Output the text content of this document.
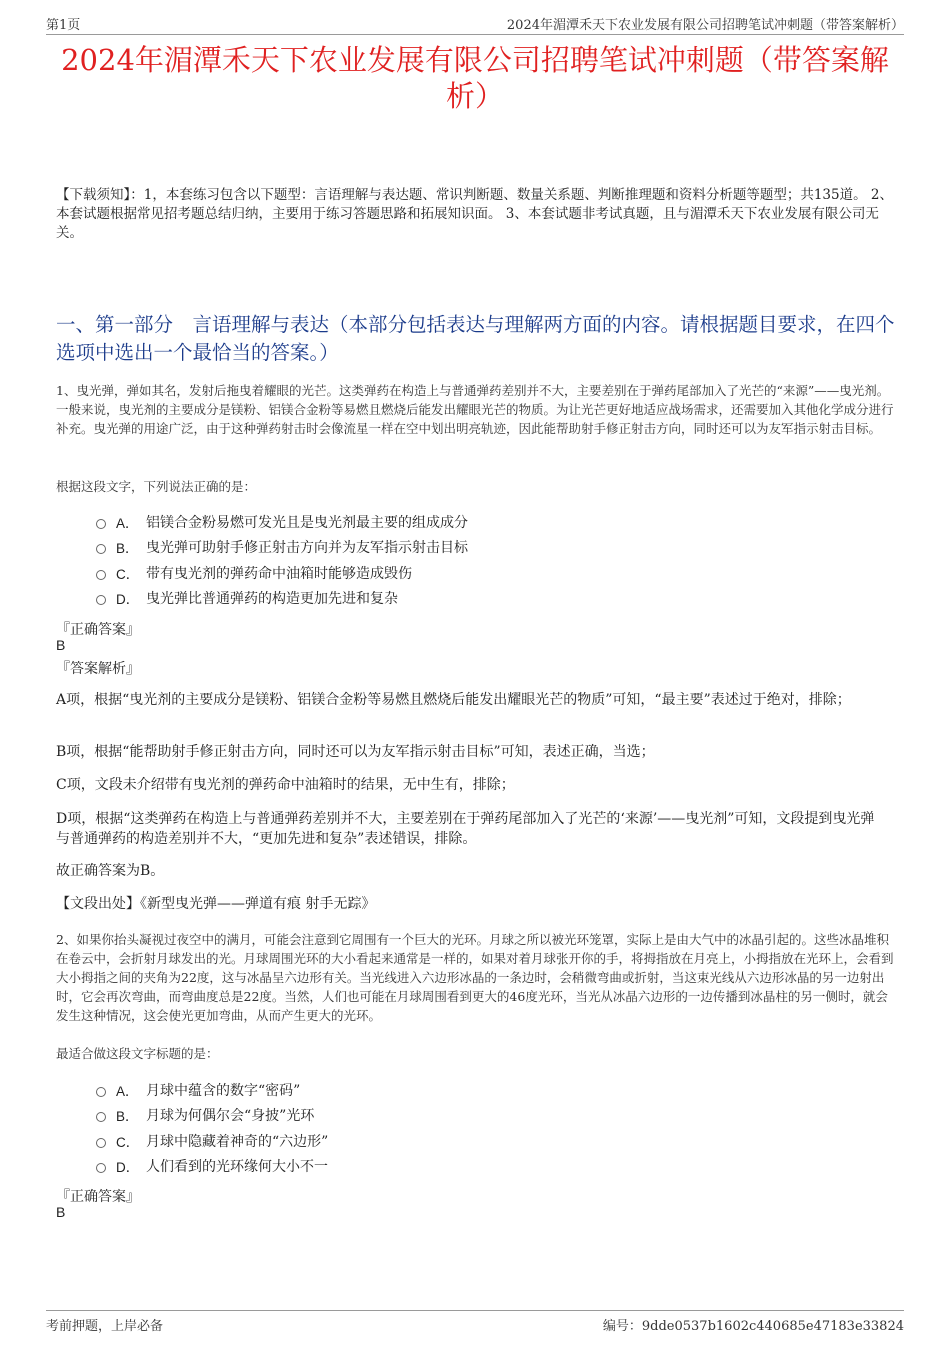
第1页	2024年湄潭禾天下农业发展有限公司招聘笔试冲刺题（带答案解析）
2024年湄潭禾天下农业发展有限公司招聘笔试冲刺题（带答案解析）
【下载须知】：1，本套练习包含以下题型：言语理解与表达题、常识判断题、数量关系题、判断推理题和资料分析题等题型；共135道。 2、本套试题根据常见招考题总结归纳，主要用于练习答题思路和拓展知识面。 3、本套试题非考试真题，且与湄潭禾天下农业发展有限公司无关。
一、第一部分　言语理解与表达（本部分包括表达与理解两方面的内容。请根据题目要求，在四个选项中选出一个最恰当的答案。）
1、曳光弹，弹如其名，发射后拖曳着耀眼的光芒。这类弹药在构造上与普通弹药差别并不大，主要差别在于弹药尾部加入了光芒的“来源”——曳光剂。一般来说，曳光剂的主要成分是镁粉、铝镁合金粉等易燃且燃烧后能发出耀眼光芒的物质。为让光芒更好地适应战场需求，还需要加入其他化学成分进行补充。曳光弹的用途广泛，由于这种弹药射击时会像流星一样在空中划出明亮轨迹，因此能帮助射手修正射击方向，同时还可以为友军指示射击目标。
根据这段文字，下列说法正确的是：
A． 铝镁合金粉易燃可发光且是曳光剂最主要的组成成分
B． 曳光弹可助射手修正射击方向并为友军指示射击目标
C． 带有曳光剂的弹药命中油箱时能够造成毁伤
D． 曳光弹比普通弹药的构造更加先进和复杂
『正确答案』
B
『答案解析』
A项，根据“曳光剂的主要成分是镁粉、铝镁合金粉等易燃且燃烧后能发出耀眼光芒的物质”可知，“最主要”表述过于绝对，排除；
B项，根据“能帮助射手修正射击方向，同时还可以为友军指示射击目标”可知，表述正确，当选；
C项，文段未介绍带有曳光剂的弹药命中油箱时的结果，无中生有，排除；
D项，根据“这类弹药在构造上与普通弹药差别并不大，主要差别在于弹药尾部加入了光芒的‘来源’——曳光剂”可知，文段提到曳光弹与普通弹药的构造差别并不大，“更加先进和复杂”表述错误，排除。
故正确答案为B。
【文段出处】《新型曳光弹——弹道有痕 射手无踪》
2、如果你抬头凝视过夜空中的满月，可能会注意到它周围有一个巨大的光环。月球之所以被光环笼罩，实际上是由大气中的冰晶引起的。这些冰晶堆积在卷云中，会折射月球发出的光。月球周围光环的大小看起来通常是一样的，如果对着月球张开你的手，将拇指放在月亮上，小拇指放在光环上，会看到大小拇指之间的夹角为22度，这与冰晶呈六边形有关。当光线进入六边形冰晶的一条边时，会稍微弯曲或折射，当这束光线从六边形冰晶的另一边射出时，它会再次弯曲，而弯曲度总是22度。当然，人们也可能在月球周围看到更大的46度光环，当光从冰晶六边形的一边传播到冰晶柱的另一侧时，就会发生这种情况，这会使光更加弯曲，从而产生更大的光环。
最适合做这段文字标题的是：
A． 月球中蕴含的数字“密码”
B． 月球为何偶尔会“身披”光环
C． 月球中隐藏着神奇的“六边形”
D． 人们看到的光环缘何大小不一
『正确答案』
B
考前押题，上岸必备	编号：9dde0537b1602c440685e47183e33824
